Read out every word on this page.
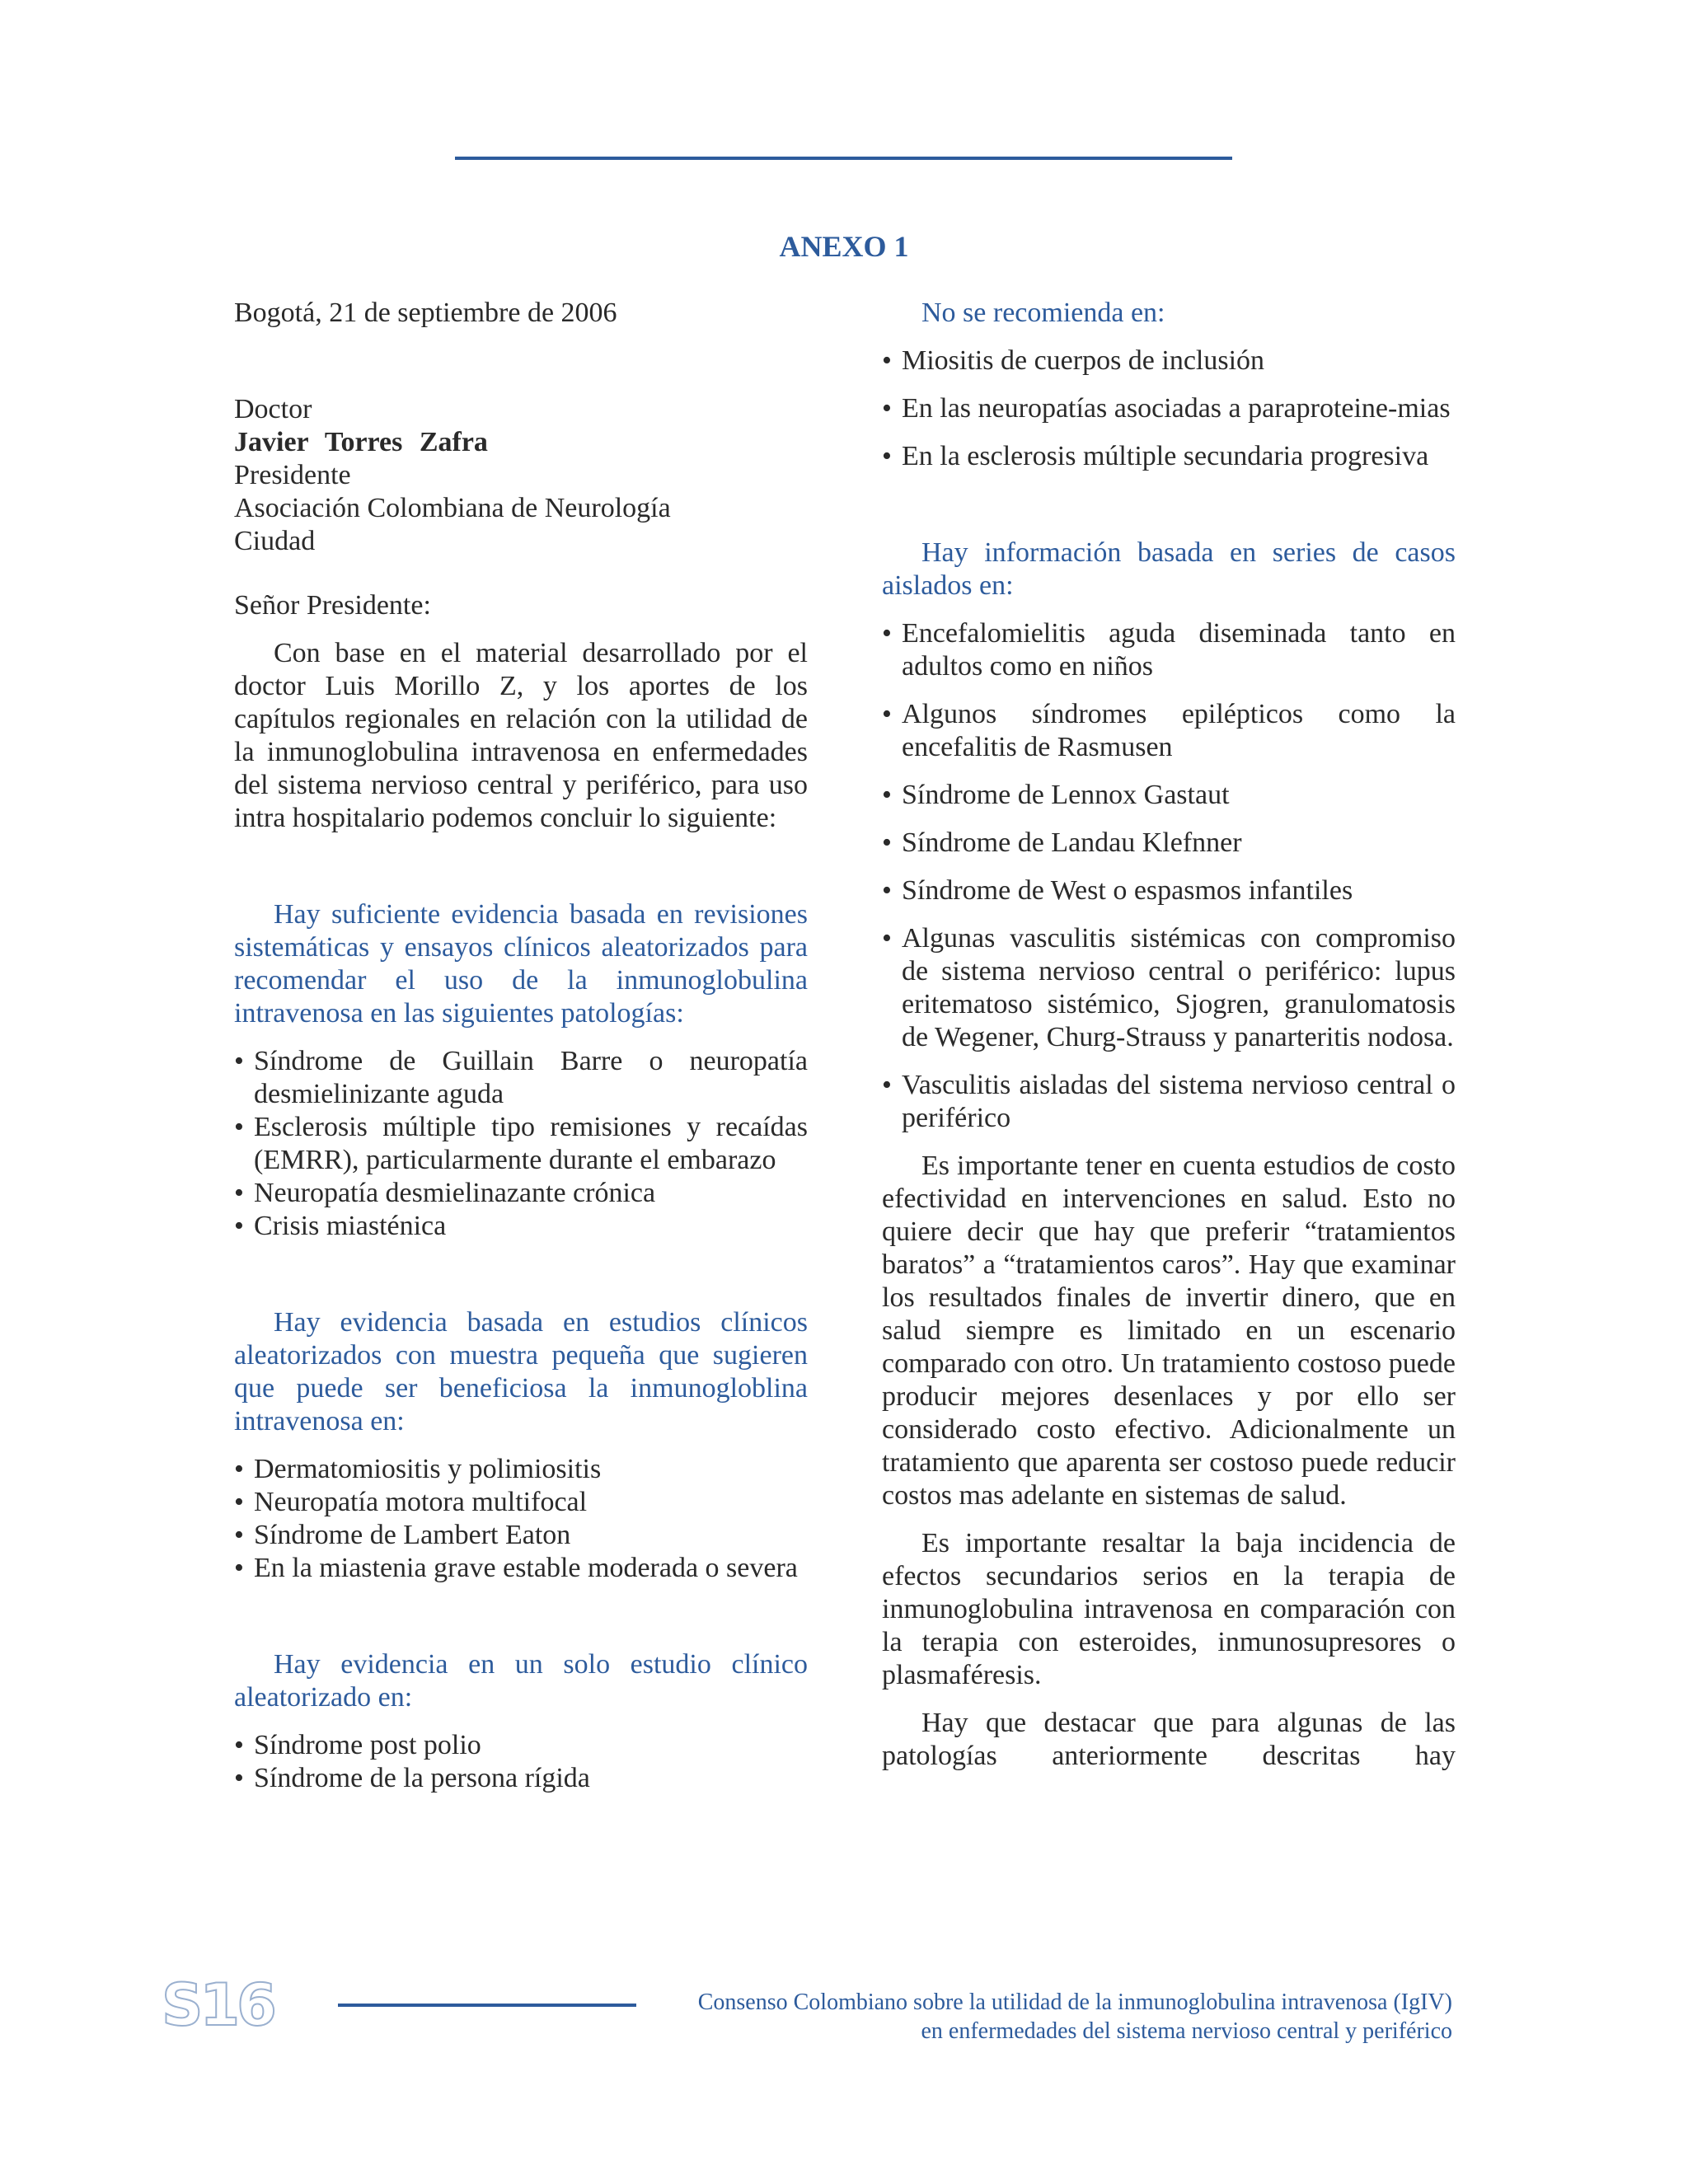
ANEXO 1

Bogotá, 21 de septiembre de 2006

Doctor
Javier Torres Zafra
Presidente
Asociación Colombiana de Neurología
Ciudad

Señor Presidente:

Con base en el material desarrollado por el doctor Luis Morillo Z, y los aportes de los capítulos regionales en relación con la utilidad de la inmunoglobulina intravenosa en enfermedades del sistema nervioso central y periférico, para uso intra hospitalario podemos concluir lo siguiente:

Hay suficiente evidencia basada en revisiones sistemáticas y ensayos clínicos aleatorizados para recomendar el uso de la inmunoglobulina intravenosa en las siguientes patologías:

• Síndrome de Guillain Barre o neuropatía desmielinizante aguda
• Esclerosis múltiple tipo remisiones y recaídas (EMRR), particularmente durante el embarazo
• Neuropatía desmielinazante crónica
• Crisis miasténica

Hay evidencia basada en estudios clínicos aleatorizados con muestra pequeña que sugieren que puede ser beneficiosa la inmunogloblina intravenosa en:

• Dermatomiositis y polimiositis
• Neuropatía motora multifocal
• Síndrome de Lambert Eaton
• En la miastenia grave estable moderada o severa

Hay evidencia en un solo estudio clínico aleatorizado en:

• Síndrome post polio
• Síndrome de la persona rígida

No se recomienda en:

• Miositis de cuerpos de inclusión
• En las neuropatías asociadas a paraproteine-mias
• En la esclerosis múltiple secundaria progresiva

Hay información basada en series de casos aislados en:

• Encefalomielitis aguda diseminada tanto en adultos como en niños
• Algunos síndromes epilépticos como la encefalitis de Rasmusen
• Síndrome de Lennox Gastaut
• Síndrome de Landau Klefnner
• Síndrome de West o espasmos infantiles
• Algunas vasculitis sistémicas con compromiso de sistema nervioso central o periférico: lupus eritematoso sistémico, Sjogren, granulomatosis de Wegener, Churg-Strauss y panarteritis nodosa.
• Vasculitis aisladas del sistema nervioso central o periférico

Es importante tener en cuenta estudios de costo efectividad en intervenciones en salud. Esto no quiere decir que hay que preferir “tratamientos baratos” a “tratamientos caros”. Hay que examinar los resultados finales de invertir dinero, que en salud siempre es limitado en un escenario comparado con otro. Un tratamiento costoso puede producir mejores desenlaces y por ello ser considerado costo efectivo. Adicionalmente un tratamiento que aparenta ser costoso puede reducir costos mas adelante en sistemas de salud.

Es importante resaltar la baja incidencia de efectos secundarios serios en la terapia de inmunoglobulina intravenosa en comparación con la terapia con esteroides, inmunosupresores o plasmaféresis.

Hay que destacar que para algunas de las patologías anteriormente descritas hay

S16	Consenso Colombiano sobre la utilidad de la inmunoglobulina intravenosa (IgIV)
en enfermedades del sistema nervioso central y periférico
